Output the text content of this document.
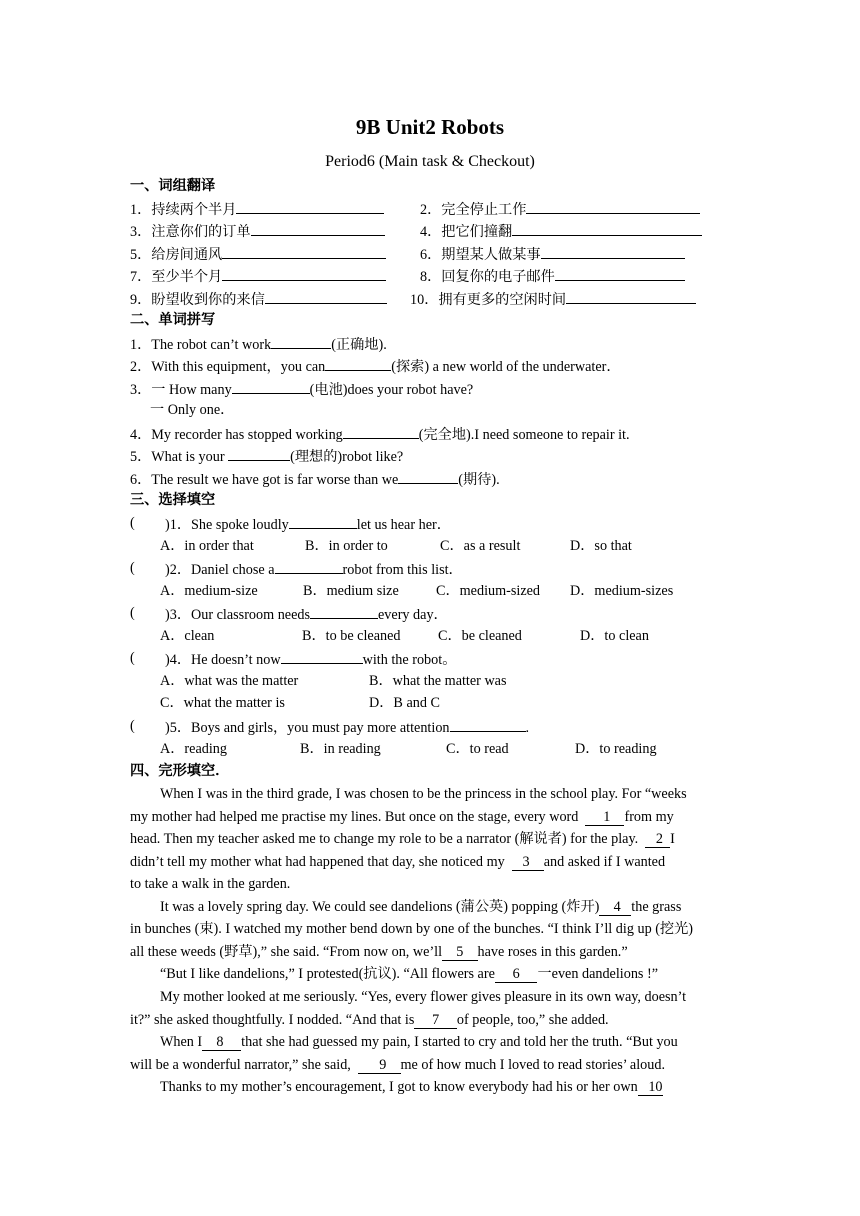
9B Unit2 Robots
Period6 (Main task & Checkout)
一、词组翻译
1．持续两个半月	2．完全停止工作
3．注意你们的订单	4．把它们撞翻
5．给房间通风	6．期望某人做某事
7．至少半个月	8．回复你的电子邮件
9．盼望收到你的来信	10．拥有更多的空闲时间
二、单词拼写
1．The robot can’t work	(正确地).
2．With this equipment，you can	(探索) a new world of the underwater．
3．一 How many	(电池)does your robot have?
一 Only one．
4．My recorder has stopped working	(完全地).I need someone to repair it.
5．What is your	(理想的)robot like?
6．The result we have got is far worse than we	(期待).
三、选择填空
( )1．She spoke loudly	let us hear her．
A．in order that	B．in order to	C．as a result	D．so that
( )2．Daniel chose a	robot from this list．
A．medium-size	B．medium size	C．medium-sized D．medium-sizes
( )3．Our classroom needs	every day．
A．clean	B．to be cleaned	C．be cleaned	D．to clean
( )4．He doesn’t now	with the robot。
A．what was the matter	B．what the matter was
C．what the matter is	D．B and C
( )5．Boys and girls，you must pay more attention	.
A．reading	B．in reading	C．to read	D．to reading
四、完形填空．
When I was in the third grade, I was chosen to be the princess in the school play. For “weeks
my mother had helped me practise my lines. But once on the stage, every word 1 from my
head. Then my teacher asked me to change my role to be a narrator (解说者) for the play. 2 I
didn’t tell my mother what had happened that day, she noticed my 3 and asked if I wanted
to take a walk in the garden.
It was a lovely spring day. We could see dandelions (蒲公英) popping (炸开) 4 the grass
in bunches (束). I watched my mother bend down by one of the bunches. “I think I’ll dig up (挖光)
all these weeds (野草),” she said. “From now on, we’ll 5 have roses in this garden.”
“But I like dandelions,” I protested(抗议). “All flowers are 6 一even dandelions !”
My mother looked at me seriously. “Yes, every flower gives pleasure in its own way, doesn’t
it?” she asked thoughtfully. I nodded. “And that is 7 of people, too,” she added.
When I 8 that she had guessed my pain, I started to cry and told her the truth. “But you
will be a wonderful narrator,” she said, 9 me of how much I loved to read stories’ aloud.
Thanks to my mother’s encouragement, I got to know everybody had his or her own 10
